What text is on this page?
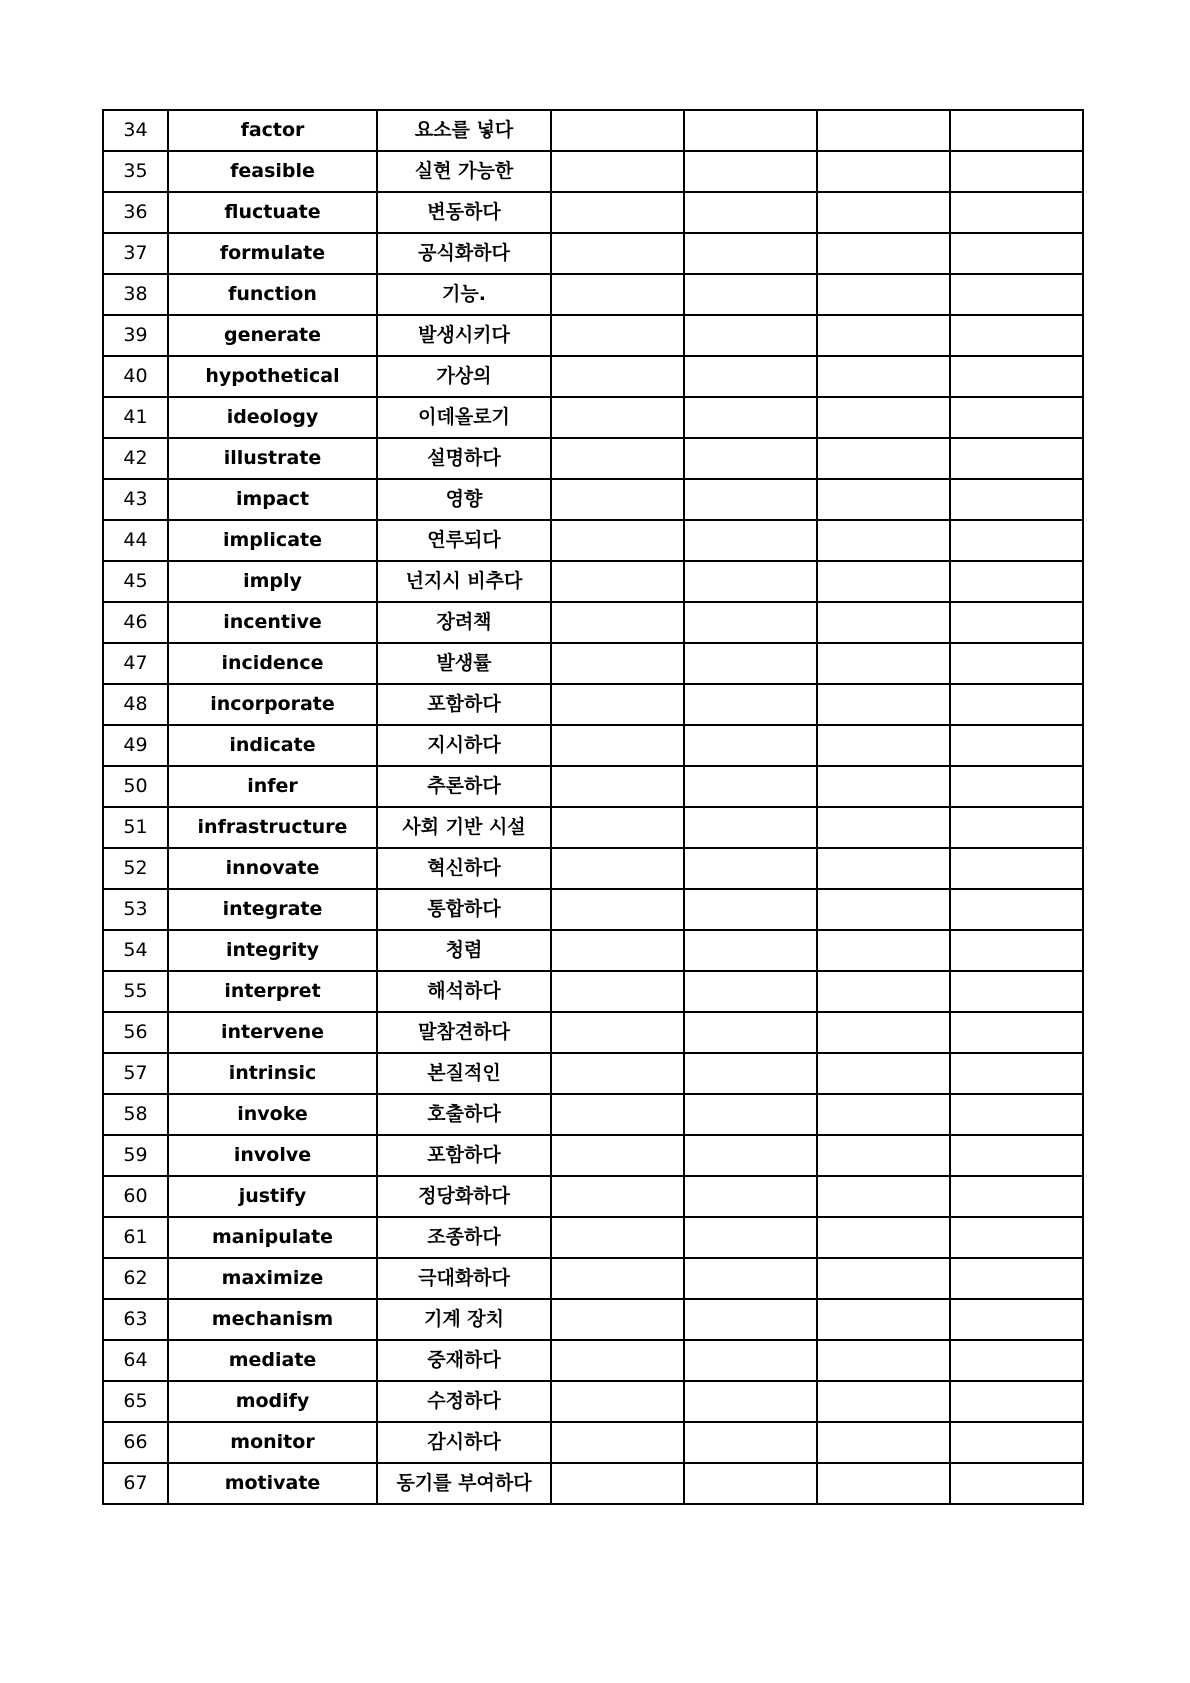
34	factor	요소를 넣다				
35	feasible	실현 가능한				
36	fluctuate	변동하다				
37	formulate	공식화하다				
38	function	기능.				
39	generate	발생시키다				
40	hypothetical	가상의				
41	ideology	이데올로기				
42	illustrate	설명하다				
43	impact	영향				
44	implicate	연루되다				
45	imply	넌지시 비추다				
46	incentive	장려책				
47	incidence	발생률				
48	incorporate	포함하다				
49	indicate	지시하다				
50	infer	추론하다				
51	infrastructure	사회 기반 시설				
52	innovate	혁신하다				
53	integrate	통합하다				
54	integrity	청렴				
55	interpret	해석하다				
56	intervene	말참견하다				
57	intrinsic	본질적인				
58	invoke	호출하다				
59	involve	포함하다				
60	justify	정당화하다				
61	manipulate	조종하다				
62	maximize	극대화하다				
63	mechanism	기계 장치				
64	mediate	중재하다				
65	modify	수정하다				
66	monitor	감시하다				
67	motivate	동기를 부여하다				
